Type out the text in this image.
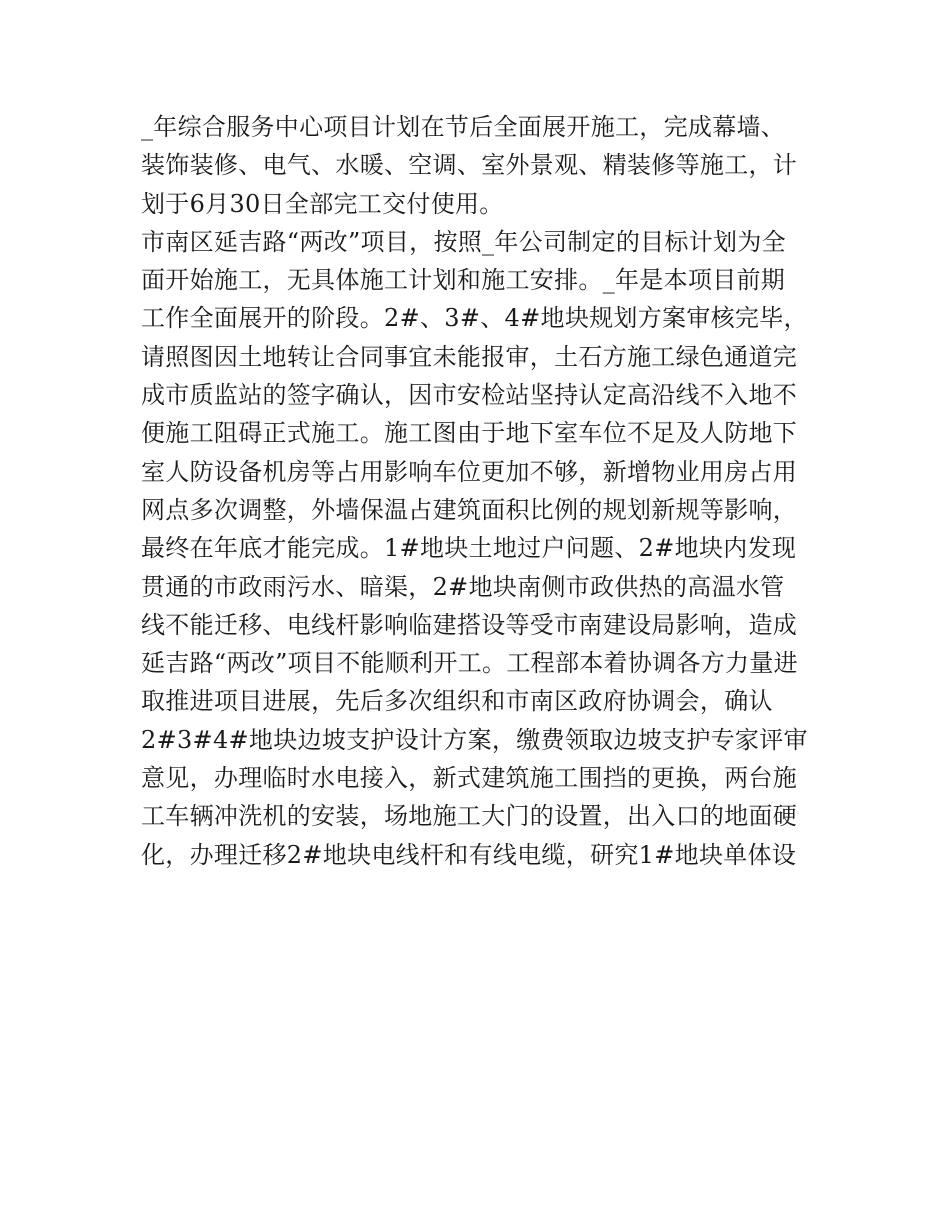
_年综合服务中心项目计划在节后全面展开施工，完成幕墙、
装饰装修、电气、水暖、空调、室外景观、精装修等施工，计
划于6月30日全部完工交付使用。
市南区延吉路“两改”项目，按照_年公司制定的目标计划为全
面开始施工，无具体施工计划和施工安排。_年是本项目前期
工作全面展开的阶段。2#、3#、4#地块规划方案审核完毕，
请照图因土地转让合同事宜未能报审，土石方施工绿色通道完
成市质监站的签字确认，因市安检站坚持认定高沿线不入地不
便施工阻碍正式施工。施工图由于地下室车位不足及人防地下
室人防设备机房等占用影响车位更加不够，新增物业用房占用
网点多次调整，外墙保温占建筑面积比例的规划新规等影响，
最终在年底才能完成。1#地块土地过户问题、2#地块内发现
贯通的市政雨污水、暗渠，2#地块南侧市政供热的高温水管
线不能迁移、电线杆影响临建搭设等受市南建设局影响，造成
延吉路“两改”项目不能顺利开工。工程部本着协调各方力量进
取推进项目进展，先后多次组织和市南区政府协调会，确认
2#3#4#地块边坡支护设计方案，缴费领取边坡支护专家评审
意见，办理临时水电接入，新式建筑施工围挡的更换，两台施
工车辆冲洗机的安装，场地施工大门的设置，出入口的地面硬
化，办理迁移2#地块电线杆和有线电缆，研究1#地块单体设
